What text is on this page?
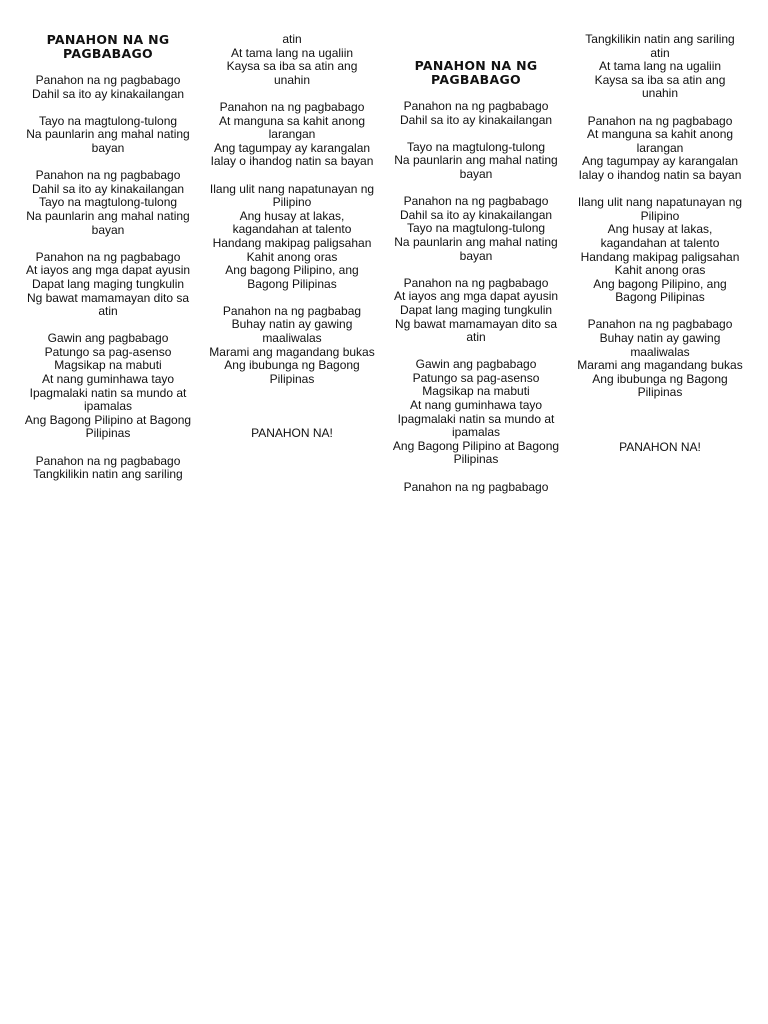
PANAHON NA NG PAGBABAGO
Panahon na ng pagbabago
Dahil sa ito ay kinakailangan
Tayo na magtulong-tulong
Na paunlarin ang mahal nating bayan
Panahon na ng pagbabago
Dahil sa ito ay kinakailangan
Tayo na magtulong-tulong
Na paunlarin ang mahal nating bayan
Panahon na ng pagbabago
At iayos ang mga dapat ayusin
Dapat lang maging tungkulin
Ng bawat mamamayan dito sa atin
Gawin ang pagbabago
Patungo sa pag-asenso
Magsikap na mabuti
At nang guminhawa tayo
Ipagmalaki natin sa mundo at ipamalas
Ang Bagong Pilipino at Bagong Pilipinas
Panahon na ng pagbabago
Tangkilikin natin ang sariling
atin
At tama lang na ugaliin
Kaysa sa iba sa atin ang unahin
Panahon na ng pagbabago
At manguna sa kahit anong larangan
Ang tagumpay ay karangalan
Ialay o ihandog natin sa bayan
Ilang ulit nang napatunayan ng Pilipino
Ang husay at lakas, kagandahan at talento
Handang makipag paligsahan
Kahit anong oras
Ang bagong Pilipino, ang Bagong Pilipinas
Panahon na ng pagbabag
Buhay natin ay gawing maaliwalas
Marami ang magandang bukas
Ang ibubunga ng Bagong Pilipinas
PANAHON NA!
PANAHON NA NG PAGBABAGO
Panahon na ng pagbabago
Dahil sa ito ay kinakailangan
Tayo na magtulong-tulong
Na paunlarin ang mahal nating bayan
Panahon na ng pagbabago
Dahil sa ito ay kinakailangan
Tayo na magtulong-tulong
Na paunlarin ang mahal nating bayan
Panahon na ng pagbabago
At iayos ang mga dapat ayusin
Dapat lang maging tungkulin
Ng bawat mamamayan dito sa atin
Gawin ang pagbabago
Patungo sa pag-asenso
Magsikap na mabuti
At nang guminhawa tayo
Ipagmalaki natin sa mundo at ipamalas
Ang Bagong Pilipino at Bagong Pilipinas
Panahon na ng pagbabago
Tangkilikin natin ang sariling atin
At tama lang na ugaliin
Kaysa sa iba sa atin ang unahin
Panahon na ng pagbabago
At manguna sa kahit anong larangan
Ang tagumpay ay karangalan
Ialay o ihandog natin sa bayan
Ilang ulit nang napatunayan ng Pilipino
Ang husay at lakas, kagandahan at talento
Handang makipag paligsahan
Kahit anong oras
Ang bagong Pilipino, ang Bagong Pilipinas
Panahon na ng pagbabago
Buhay natin ay gawing maaliwalas
Marami ang magandang bukas
Ang ibubunga ng Bagong Pilipinas
PANAHON NA!
